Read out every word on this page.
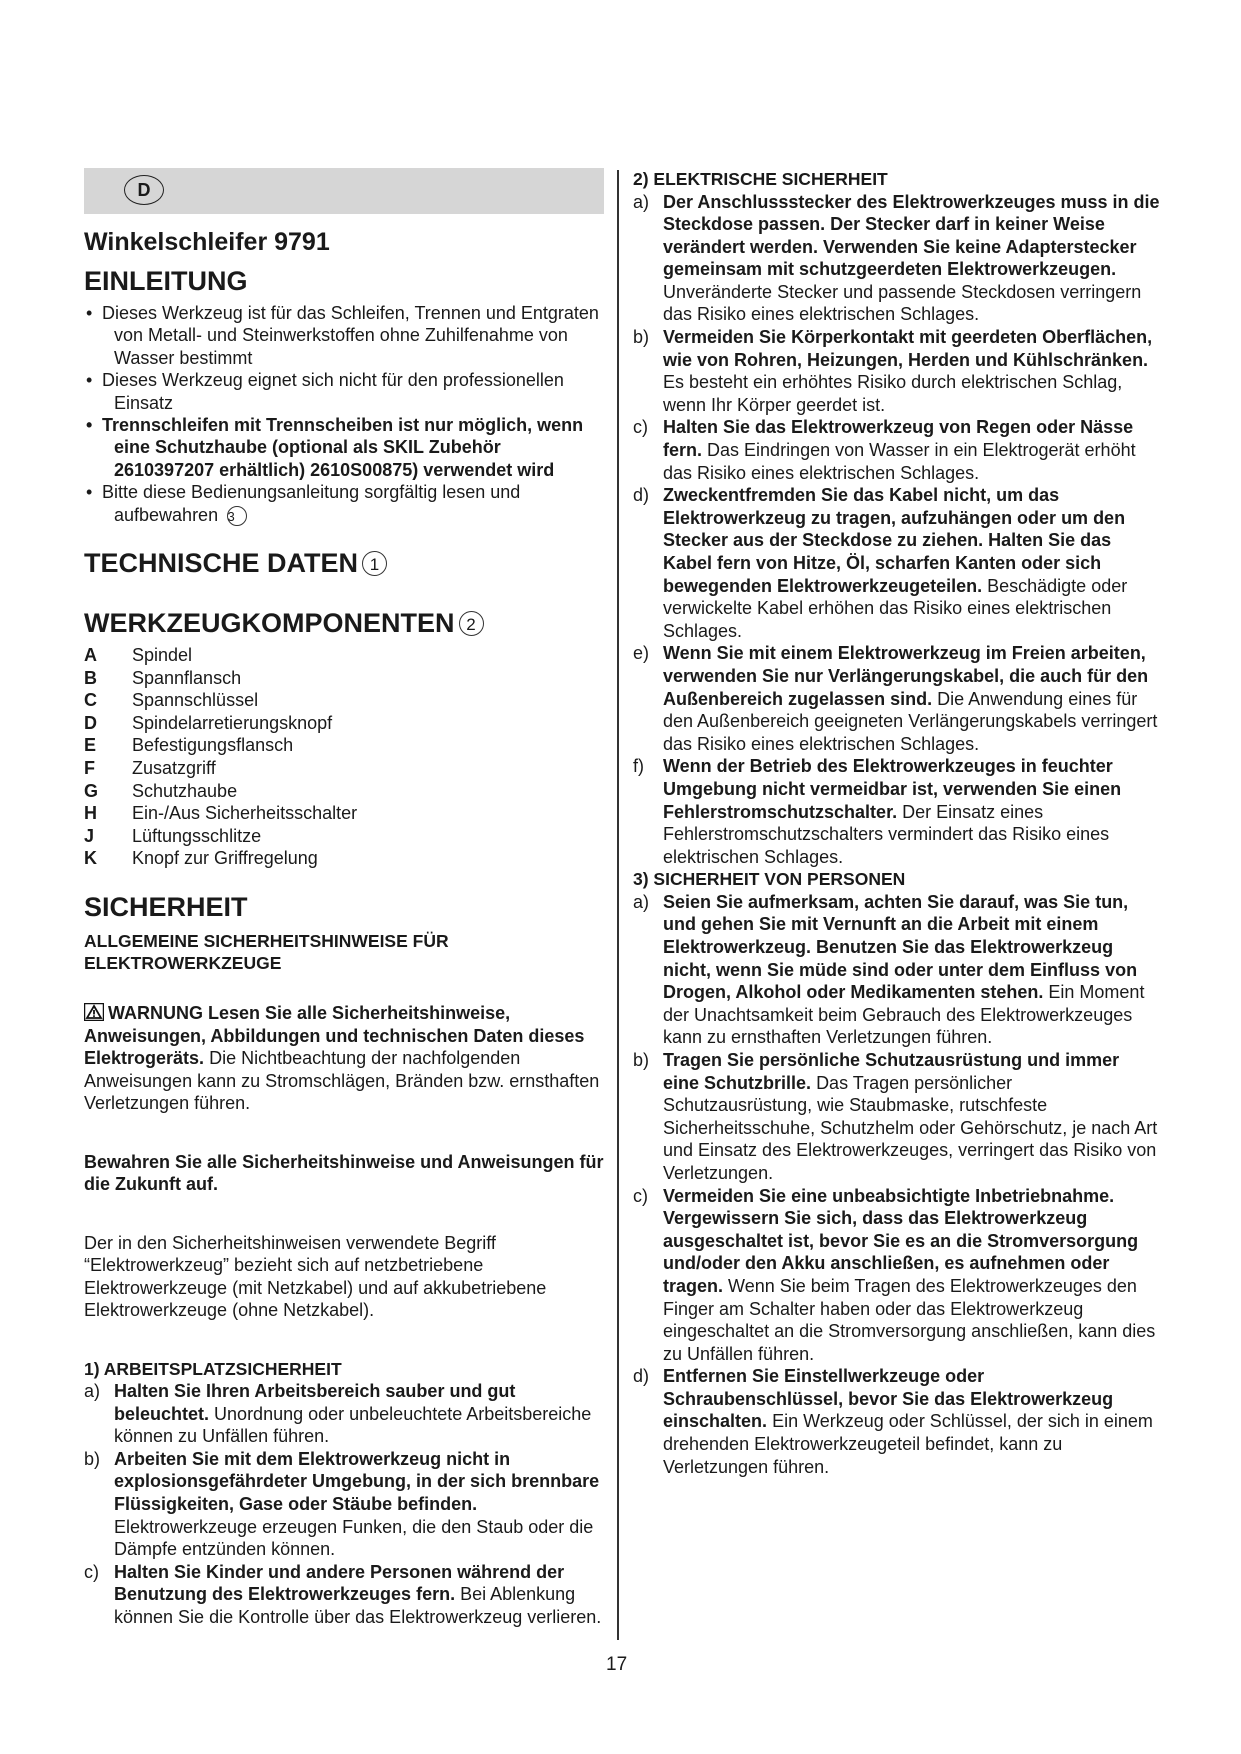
D
Winkelschleifer 9791
EINLEITUNG
• Dieses Werkzeug ist für das Schleifen, Trennen und Entgraten von Metall- und Steinwerkstoffen ohne Zuhilfenahme von Wasser bestimmt
• Dieses Werkzeug eignet sich nicht für den professionellen Einsatz
• Trennschleifen mit Trennscheiben ist nur möglich, wenn eine Schutzhaube (optional als SKIL Zubehör 2610397207 erhältlich) 2610S00875) verwendet wird
• Bitte diese Bedienungsanleitung sorgfältig lesen und aufbewahren 3
TECHNISCHE DATEN 1
WERKZEUGKOMPONENTEN 2
A	Spindel
B	Spannflansch
C	Spannschlüssel
D	Spindelarretierungsknopf
E	Befestigungsflansch
F	Zusatzgriff
G	Schutzhaube
H	Ein-/Aus Sicherheitsschalter
J	Lüftungsschlitze
K	Knopf zur Griffregelung
SICHERHEIT
ALLGEMEINE SICHERHEITSHINWEISE FÜR ELEKTROWERKZEUGE

WARNUNG Lesen Sie alle Sicherheitshinweise, Anweisungen, Abbildungen und technischen Daten dieses Elektrogeräts. Die Nichtbeachtung der nachfolgenden Anweisungen kann zu Stromschlägen, Bränden bzw. ernsthaften Verletzungen führen.

Bewahren Sie alle Sicherheitshinweise und Anweisungen für die Zukunft auf.

Der in den Sicherheitshinweisen verwendete Begriff “Elektrowerkzeug” bezieht sich auf netzbetriebene Elektrowerkzeuge (mit Netzkabel) und auf akkubetriebene Elektrowerkzeuge (ohne Netzkabel).

1) ARBEITSPLATZSICHERHEIT

a) Halten Sie Ihren Arbeitsbereich sauber und gut beleuchtet. Unordnung oder unbeleuchtete Arbeitsbereiche können zu Unfällen führen.
b) Arbeiten Sie mit dem Elektrowerkzeug nicht in explosionsgefährdeter Umgebung, in der sich brennbare Flüssigkeiten, Gase oder Stäube befinden. Elektrowerkzeuge erzeugen Funken, die den Staub oder die Dämpfe entzünden können.
c) Halten Sie Kinder und andere Personen während der Benutzung des Elektrowerkzeuges fern. Bei Ablenkung können Sie die Kontrolle über das Elektrowerkzeug verlieren.

2) ELEKTRISCHE SICHERHEIT

a) Der Anschlussstecker des Elektrowerkzeuges muss in die Steckdose passen. Der Stecker darf in keiner Weise verändert werden. Verwenden Sie keine Adapterstecker gemeinsam mit schutzgeerdeten Elektrowerkzeugen. Unveränderte Stecker und passende Steckdosen verringern das Risiko eines elektrischen Schlages.
b) Vermeiden Sie Körperkontakt mit geerdeten Oberflächen, wie von Rohren, Heizungen, Herden und Kühlschränken. Es besteht ein erhöhtes Risiko durch elektrischen Schlag, wenn Ihr Körper geerdet ist.
c) Halten Sie das Elektrowerkzeug von Regen oder Nässe fern. Das Eindringen von Wasser in ein Elektrogerät erhöht das Risiko eines elektrischen Schlages.
d) Zweckentfremden Sie das Kabel nicht, um das Elektrowerkzeug zu tragen, aufzuhängen oder um den Stecker aus der Steckdose zu ziehen. Halten Sie das Kabel fern von Hitze, Öl, scharfen Kanten oder sich bewegenden Elektrowerkzeugeteilen. Beschädigte oder verwickelte Kabel erhöhen das Risiko eines elektrischen Schlages.
e) Wenn Sie mit einem Elektrowerkzeug im Freien arbeiten, verwenden Sie nur Verlängerungskabel, die auch für den Außenbereich zugelassen sind. Die Anwendung eines für den Außenbereich geeigneten Verlängerungskabels verringert das Risiko eines elektrischen Schlages.
f)	Wenn der Betrieb des Elektrowerkzeuges in feuchter Umgebung nicht vermeidbar ist, verwenden Sie einen Fehlerstromschutzschalter. Der Einsatz eines Fehlerstromschutzschalters vermindert das Risiko eines elektrischen Schlages.

3) SICHERHEIT VON PERSONEN

a) Seien Sie aufmerksam, achten Sie darauf, was Sie tun, und gehen Sie mit Vernunft an die Arbeit mit einem Elektrowerkzeug. Benutzen Sie das Elektrowerkzeug nicht, wenn Sie müde sind oder unter dem Einfluss von Drogen, Alkohol oder Medikamenten stehen. Ein Moment der Unachtsamkeit beim Gebrauch des Elektrowerkzeuges kann zu ernsthaften Verletzungen führen.
b) Tragen Sie persönliche Schutzausrüstung und immer eine Schutzbrille. Das Tragen persönlicher Schutzausrüstung, wie Staubmaske, rutschfeste Sicherheitsschuhe, Schutzhelm oder Gehörschutz, je nach Art und Einsatz des Elektrowerkzeuges, verringert das Risiko von Verletzungen.
c) Vermeiden Sie eine unbeabsichtigte Inbetriebnahme. Vergewissern Sie sich, dass das Elektrowerkzeug ausgeschaltet ist, bevor Sie es an die Stromversorgung und/oder den Akku anschließen, es aufnehmen oder tragen. Wenn Sie beim Tragen des Elektrowerkzeuges den Finger am Schalter haben oder das Elektrowerkzeug eingeschaltet an die Stromversorgung anschließen, kann dies zu Unfällen führen.
d) Entfernen Sie Einstellwerkzeuge oder Schraubenschlüssel, bevor Sie das Elektrowerkzeug einschalten. Ein Werkzeug oder Schlüssel, der sich in einem drehenden Elektrowerkzeugeteil befindet, kann zu Verletzungen führen.
17
